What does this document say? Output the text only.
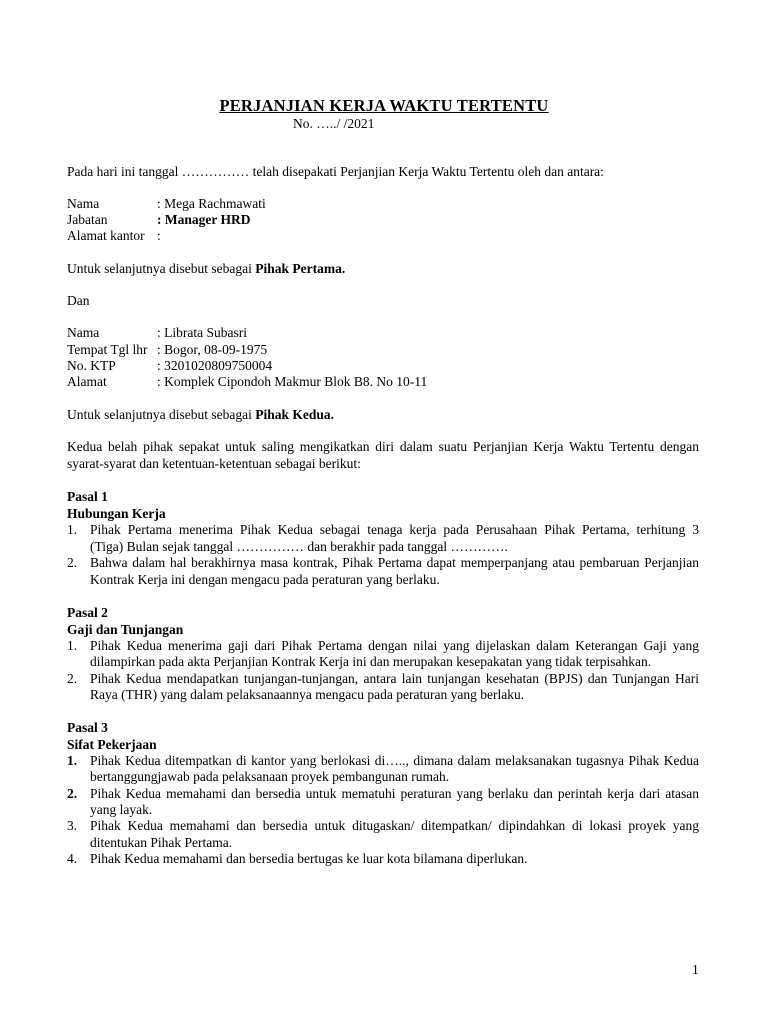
PERJANJIAN KERJA WAKTU TERTENTU
No. …../ /2021
Pada hari ini tanggal …………… telah disepakati Perjanjian Kerja Waktu Tertentu oleh dan antara:
Nama	: Mega Rachmawati
Jabatan	: Manager HRD
Alamat kantor :
Untuk selanjutnya disebut sebagai Pihak Pertama.
Dan
Nama	: Librata Subasri
Tempat Tgl lhr : Bogor, 08-09-1975
No. KTP	: 3201020809750004
Alamat	: Komplek Cipondoh Makmur Blok B8. No 10-11
Untuk selanjutnya disebut sebagai Pihak Kedua.
Kedua belah pihak sepakat untuk saling mengikatkan diri dalam suatu Perjanjian Kerja Waktu Tertentu dengan
syarat-syarat dan ketentuan-ketentuan sebagai berikut:
Pasal 1
Hubungan Kerja
1. Pihak Pertama menerima Pihak Kedua sebagai tenaga kerja pada Perusahaan Pihak Pertama, terhitung 3
(Tiga) Bulan sejak tanggal …………… dan berakhir pada tanggal ………….
2. Bahwa dalam hal berakhirnya masa kontrak, Pihak Pertama dapat memperpanjang atau pembaruan Perjanjian
Kontrak Kerja ini dengan mengacu pada peraturan yang berlaku.
Pasal 2
Gaji dan Tunjangan
1. Pihak Kedua menerima gaji dari Pihak Pertama dengan nilai yang dijelaskan dalam Keterangan Gaji yang
dilampirkan pada akta Perjanjian Kontrak Kerja ini dan merupakan kesepakatan yang tidak terpisahkan.
2. Pihak Kedua mendapatkan tunjangan-tunjangan, antara lain tunjangan kesehatan (BPJS) dan Tunjangan Hari
Raya (THR) yang dalam pelaksanaannya mengacu pada peraturan yang berlaku.
Pasal 3
Sifat Pekerjaan
1. Pihak Kedua ditempatkan di kantor yang berlokasi di….., dimana dalam melaksanakan tugasnya Pihak Kedua
bertanggungjawab pada pelaksanaan proyek pembangunan rumah.
2. Pihak Kedua memahami dan bersedia untuk mematuhi peraturan yang berlaku dan perintah kerja dari atasan
yang layak.
3. Pihak Kedua memahami dan bersedia untuk ditugaskan/ ditempatkan/ dipindahkan di lokasi proyek yang
ditentukan Pihak Pertama.
4. Pihak Kedua memahami dan bersedia bertugas ke luar kota bilamana diperlukan.
1
